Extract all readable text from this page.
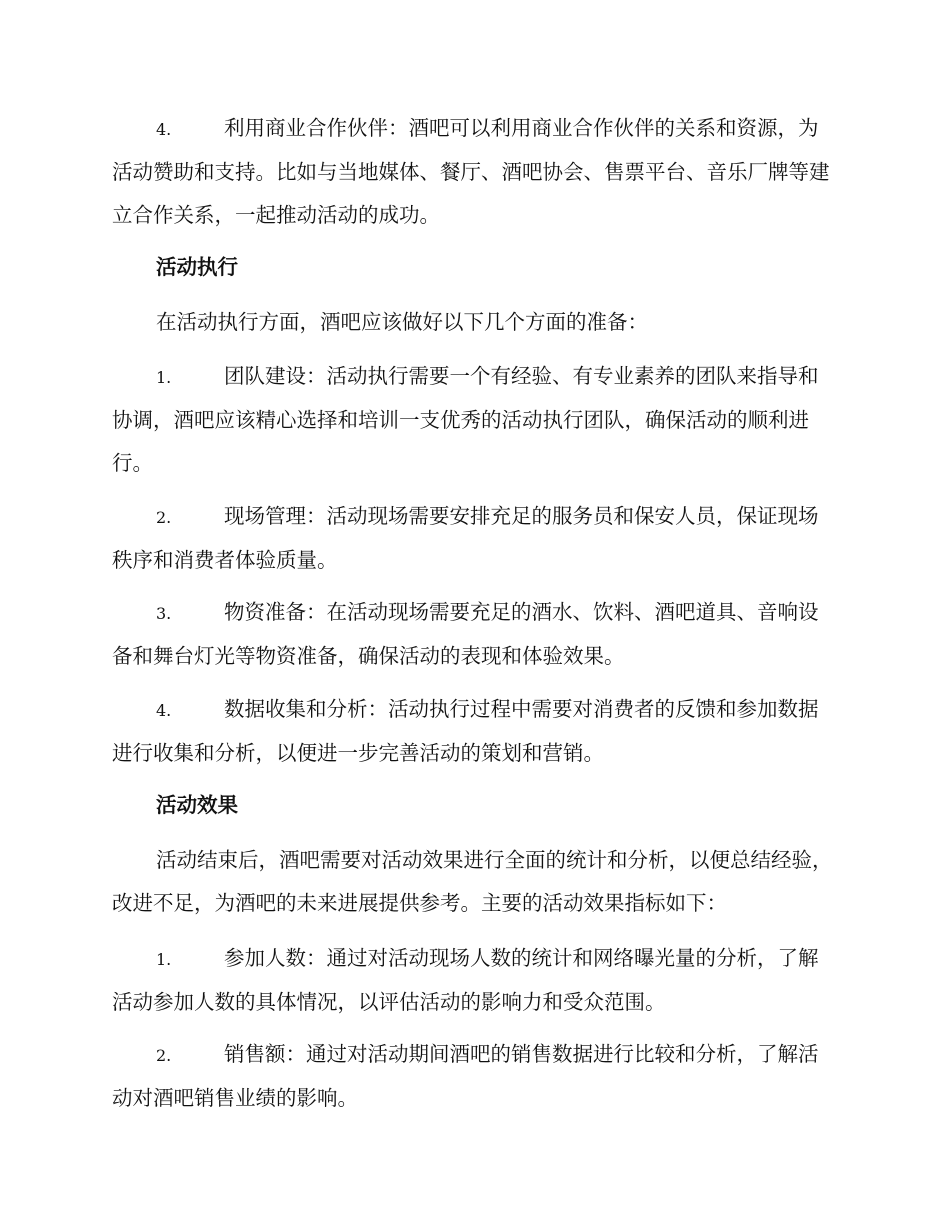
4.	利用商业合作伙伴：酒吧可以利用商业合作伙伴的关系和资源，为活动赞助和支持。比如与当地媒体、餐厅、酒吧协会、售票平台、音乐厂牌等建立合作关系，一起推动活动的成功。

活动执行

在活动执行方面，酒吧应该做好以下几个方面的准备：

1.	团队建设：活动执行需要一个有经验、有专业素养的团队来指导和协调，酒吧应该精心选择和培训一支优秀的活动执行团队，确保活动的顺利进行。

2.	现场管理：活动现场需要安排充足的服务员和保安人员，保证现场秩序和消费者体验质量。

3.	物资准备：在活动现场需要充足的酒水、饮料、酒吧道具、音响设备和舞台灯光等物资准备，确保活动的表现和体验效果。

4.	数据收集和分析：活动执行过程中需要对消费者的反馈和参加数据进行收集和分析，以便进一步完善活动的策划和营销。

活动效果

活动结束后，酒吧需要对活动效果进行全面的统计和分析，以便总结经验，改进不足，为酒吧的未来进展提供参考。主要的活动效果指标如下：

1.	参加人数：通过对活动现场人数的统计和网络曝光量的分析，了解活动参加人数的具体情况，以评估活动的影响力和受众范围。

2.	销售额：通过对活动期间酒吧的销售数据进行比较和分析，了解活动对酒吧销售业绩的影响。
